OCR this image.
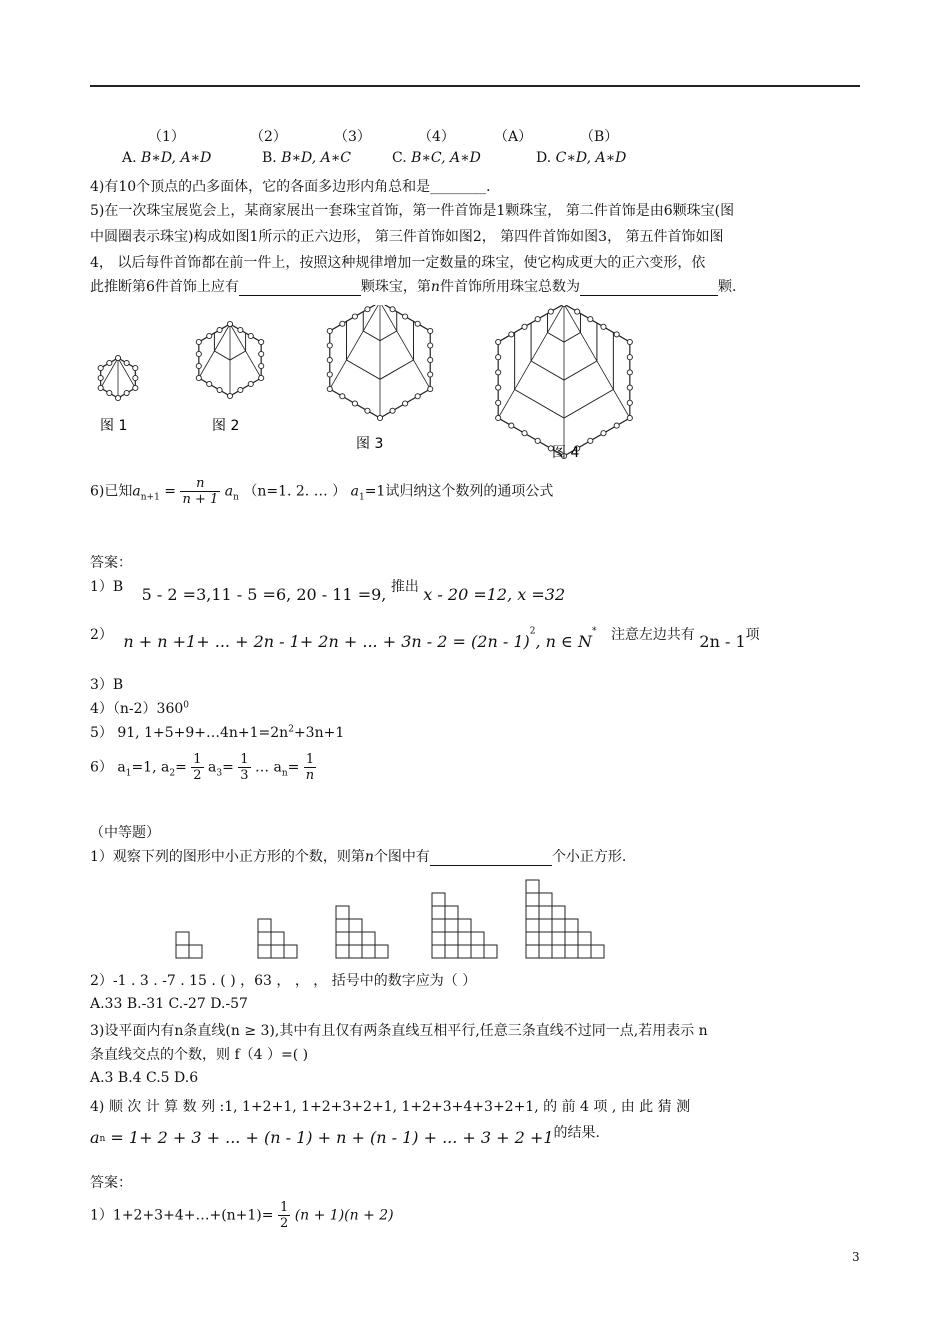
（1）	（2）	（3）	（4）	（A）	（B）
A. B∗D, A∗D	B. B∗D, A∗C	C. B∗C, A∗D	D. C∗D, A∗D
4)有10个顶点的凸多面体，它的各面多边形内角总和是________．
5)在一次珠宝展览会上，某商家展出一套珠宝首饰，第一件首饰是1颗珠宝， 第二件首饰是由6颗珠宝(图
中圆圈表示珠宝)构成如图1所示的正六边形， 第三件首饰如图2， 第四件首饰如图3， 第五件首饰如图
4， 以后每件首饰都在前一件上，按照这种规律增加一定数量的珠宝，使它构成更大的正六变形，依
此推断第6件首饰上应有	颗珠宝，第n件首饰所用珠宝总数为	颗.
图 1	图 2
图 3
图 4
6)已知$a_{n+1} = \frac{n}{n + 1} a_n$ （n=1. 2. … ） $a_1=1$试归纳这个数列的通项公式
答案：
1）B 5 - 2 =3,11 - 5 =6, 20 - 11 =9, 推出 x - 20 =12, x =32
2） n + n +1+ ... + 2n - 1+ 2n + ... + 3n - 2 = (2n - 1)$^2$, n ∈ N* 注意左边共有 2n - 1项
3）B
$4)(n-2)360^0$
5） 91, $1+5+9+\dots 4n+1=2n^2+3n+1$
6） $a_1=1$, $a_2= \frac{1}{2} a_3= \frac{1}{3}$ … $a_n= \frac{1}{n}$
（中等题）
1）观察下列的图形中小正方形的个数，则第n个图中有	个小正方形.
2）-1 . 3 . -7 . 15 . ( ) ，63 ， ， ， 括号中的数字应为（ ）
A.33 B.-31 C.-27 D.-57
3)设平面内有n条直线(n ≥ 3),其中有且仅有两条直线互相平行,任意三条直线不过同一点,若用表示 n
条直线交点的个数，则 f（4 ）=( )
A.3 B.4 C.5 D.6
4) 顺 次 计 算 数 列 :1, 1+2+1, 1+2+3+2+1, 1+2+3+4+3+2+1, 的 前 4 项 , 由 此 猜 测
$a_n = 1+ 2 + 3$ + ... + (n - 1) + n + (n - 1) + ... + 3 + 2 +1的结果.
答案：
1）1+2+3+4+…+(n+1)= $\frac{1}{2} (n + 1)(n + 2)$
3
